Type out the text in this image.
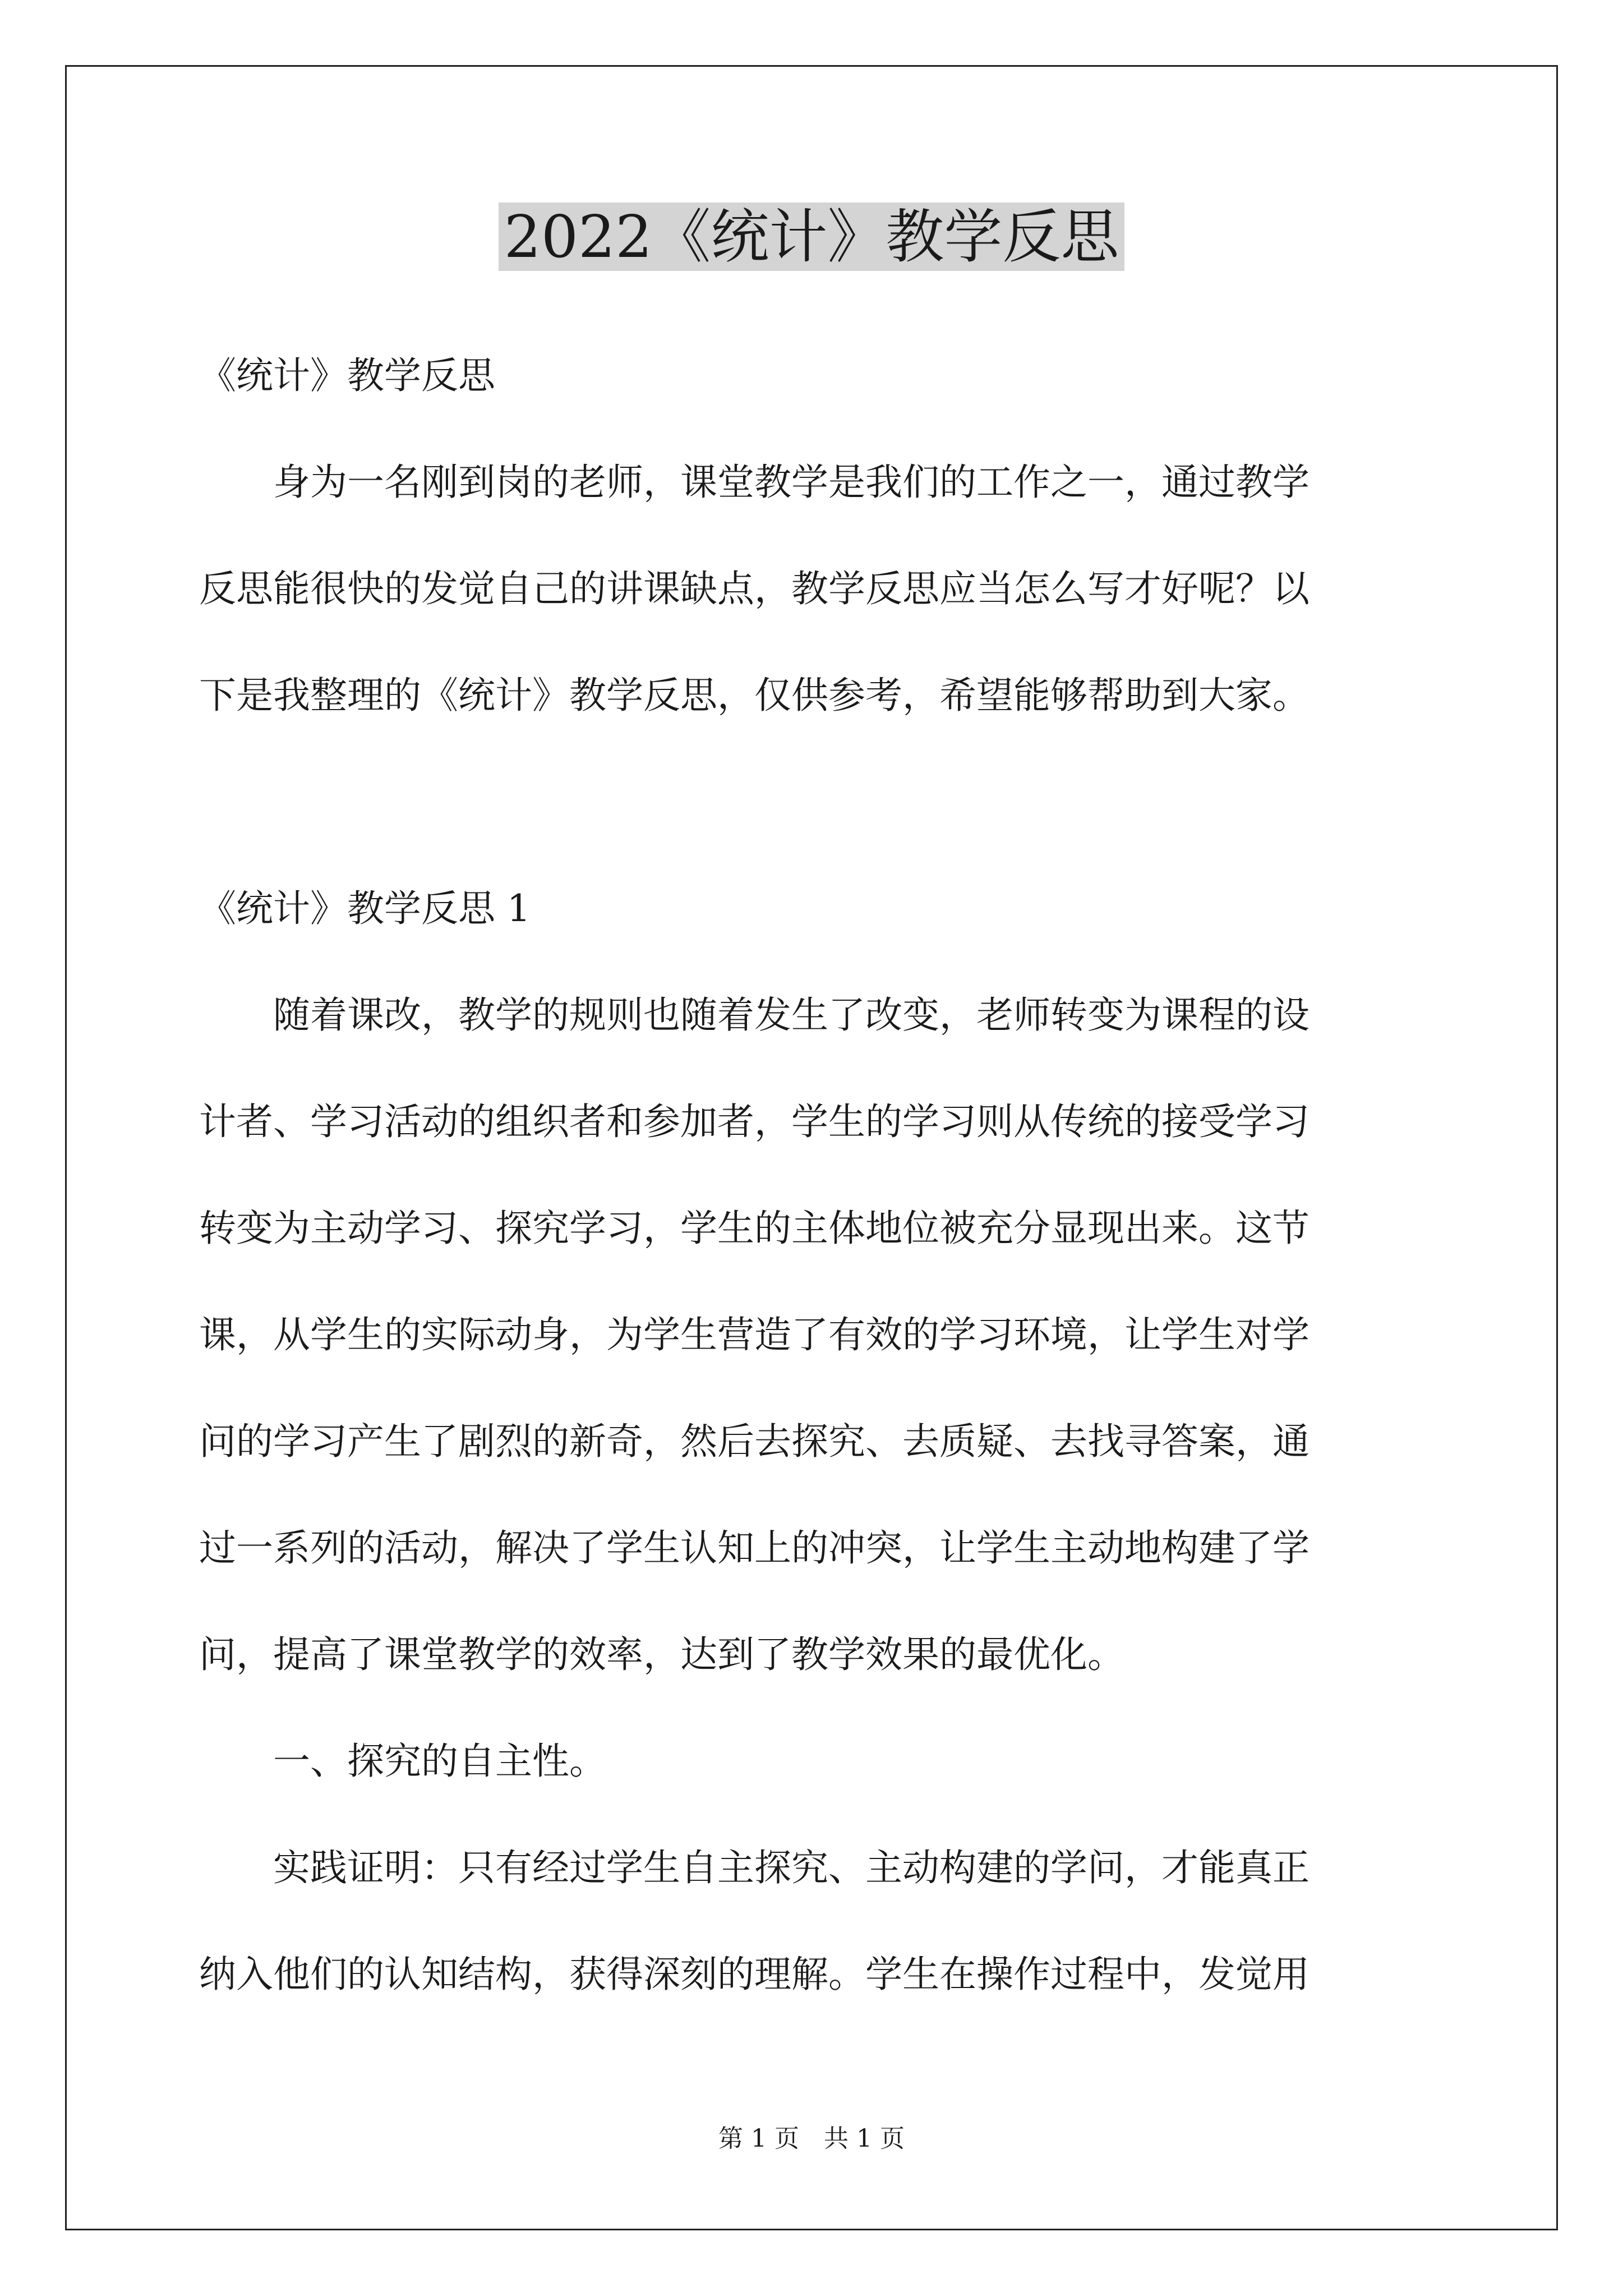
2022《统计》教学反思

《统计》教学反思

　　身为一名刚到岗的老师，课堂教学是我们的工作之一，通过教学
反思能很快的发觉自己的讲课缺点，教学反思应当怎么写才好呢？以
下是我整理的《统计》教学反思，仅供参考，希望能够帮助到大家。

《统计》教学反思 1

　　随着课改，教学的规则也随着发生了改变，老师转变为课程的设
计者、学习活动的组织者和参加者，学生的学习则从传统的接受学习
转变为主动学习、探究学习，学生的主体地位被充分显现出来。这节
课，从学生的实际动身，为学生营造了有效的学习环境，让学生对学
问的学习产生了剧烈的新奇，然后去探究、去质疑、去找寻答案，通
过一系列的活动，解决了学生认知上的冲突，让学生主动地构建了学
问，提高了课堂教学的效率，达到了教学效果的最优化。

　　一、探究的自主性。

　　实践证明：只有经过学生自主探究、主动构建的学问，才能真正
纳入他们的认知结构，获得深刻的理解。学生在操作过程中，发觉用

第 1 页　共 1 页
